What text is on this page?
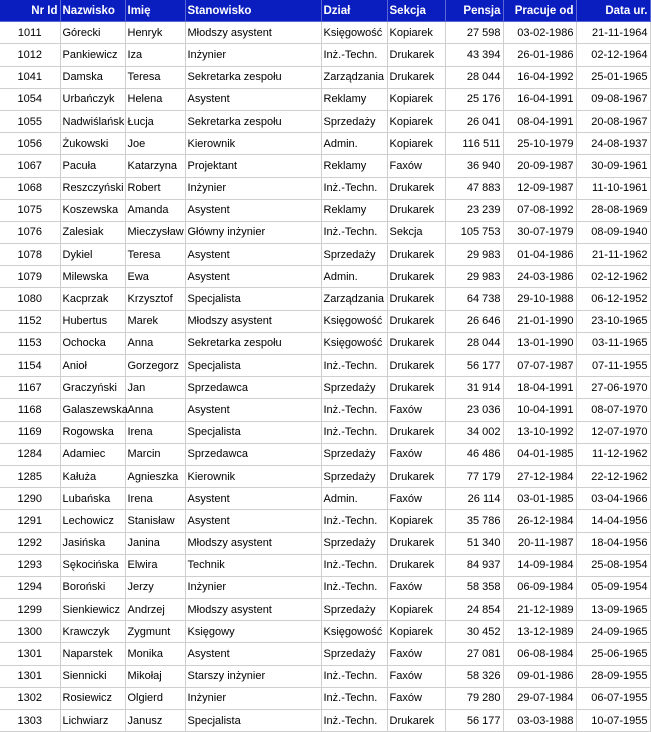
Nr Id	Nazwisko	Imię	Stanowisko	Dział	Sekcja	Pensja	Pracuje od	Data ur.
1011	Górecki	Henryk	Młodszy asystent	Księgowość	Kopiarek	27 598	03-02-1986	21-11-1964
1012	Pankiewicz	Iza	Inżynier	Inż.-Techn.	Drukarek	43 394	26-01-1986	02-12-1964
1041	Damska	Teresa	Sekretarka zespołu	Zarządzania	Drukarek	28 044	16-04-1992	25-01-1965
1054	Urbańczyk	Helena	Asystent	Reklamy	Kopiarek	25 176	16-04-1991	09-08-1967
1055	Nadwiślańsk	Łucja	Sekretarka zespołu	Sprzedaży	Kopiarek	26 041	08-04-1991	20-08-1967
1056	Żukowski	Joe	Kierownik	Admin.	Kopiarek	116 511	25-10-1979	24-08-1937
1067	Pacuła	Katarzyna	Projektant	Reklamy	Faxów	36 940	20-09-1987	30-09-1961
1068	Reszczyński	Robert	Inżynier	Inż.-Techn.	Drukarek	47 883	12-09-1987	11-10-1961
1075	Koszewska	Amanda	Asystent	Reklamy	Drukarek	23 239	07-08-1992	28-08-1969
1076	Zalesiak	Mieczysław	Główny inżynier	Inż.-Techn.	Sekcja	105 753	30-07-1979	08-09-1940
1078	Dykiel	Teresa	Asystent	Sprzedaży	Drukarek	29 983	01-04-1986	21-11-1962
1079	Milewska	Ewa	Asystent	Admin.	Drukarek	29 983	24-03-1986	02-12-1962
1080	Kacprzak	Krzysztof	Specjalista	Zarządzania	Drukarek	64 738	29-10-1988	06-12-1952
1152	Hubertus	Marek	Młodszy asystent	Księgowość	Drukarek	26 646	21-01-1990	23-10-1965
1153	Ochocka	Anna	Sekretarka zespołu	Księgowość	Drukarek	28 044	13-01-1990	03-11-1965
1154	Anioł	Gorzegorz	Specjalista	Inż.-Techn.	Drukarek	56 177	07-07-1987	07-11-1955
1167	Graczyński	Jan	Sprzedawca	Sprzedaży	Drukarek	31 914	18-04-1991	27-06-1970
1168	Galaszewska	Anna	Asystent	Inż.-Techn.	Faxów	23 036	10-04-1991	08-07-1970
1169	Rogowska	Irena	Specjalista	Inż.-Techn.	Drukarek	34 002	13-10-1992	12-07-1970
1284	Adamiec	Marcin	Sprzedawca	Sprzedaży	Faxów	46 486	04-01-1985	11-12-1962
1285	Kałuża	Agnieszka	Kierownik	Sprzedaży	Drukarek	77 179	27-12-1984	22-12-1962
1290	Lubańska	Irena	Asystent	Admin.	Faxów	26 114	03-01-1985	03-04-1966
1291	Lechowicz	Stanisław	Asystent	Inż.-Techn.	Kopiarek	35 786	26-12-1984	14-04-1956
1292	Jasińska	Janina	Młodszy asystent	Sprzedaży	Drukarek	51 340	20-11-1987	18-04-1956
1293	Sękocińska	Elwira	Technik	Inż.-Techn.	Drukarek	84 937	14-09-1984	25-08-1954
1294	Boroński	Jerzy	Inżynier	Inż.-Techn.	Faxów	58 358	06-09-1984	05-09-1954
1299	Sienkiewicz	Andrzej	Młodszy asystent	Sprzedaży	Kopiarek	24 854	21-12-1989	13-09-1965
1300	Krawczyk	Zygmunt	Księgowy	Księgowość	Kopiarek	30 452	13-12-1989	24-09-1965
1301	Naparstek	Monika	Asystent	Sprzedaży	Faxów	27 081	06-08-1984	25-06-1965
1301	Siennicki	Mikołaj	Starszy inżynier	Inż.-Techn.	Faxów	58 326	09-01-1986	28-09-1955
1302	Rosiewicz	Olgierd	Inżynier	Inż.-Techn.	Faxów	79 280	29-07-1984	06-07-1955
1303	Lichwiarz	Janusz	Specjalista	Inż.-Techn.	Drukarek	56 177	03-03-1988	10-07-1955
